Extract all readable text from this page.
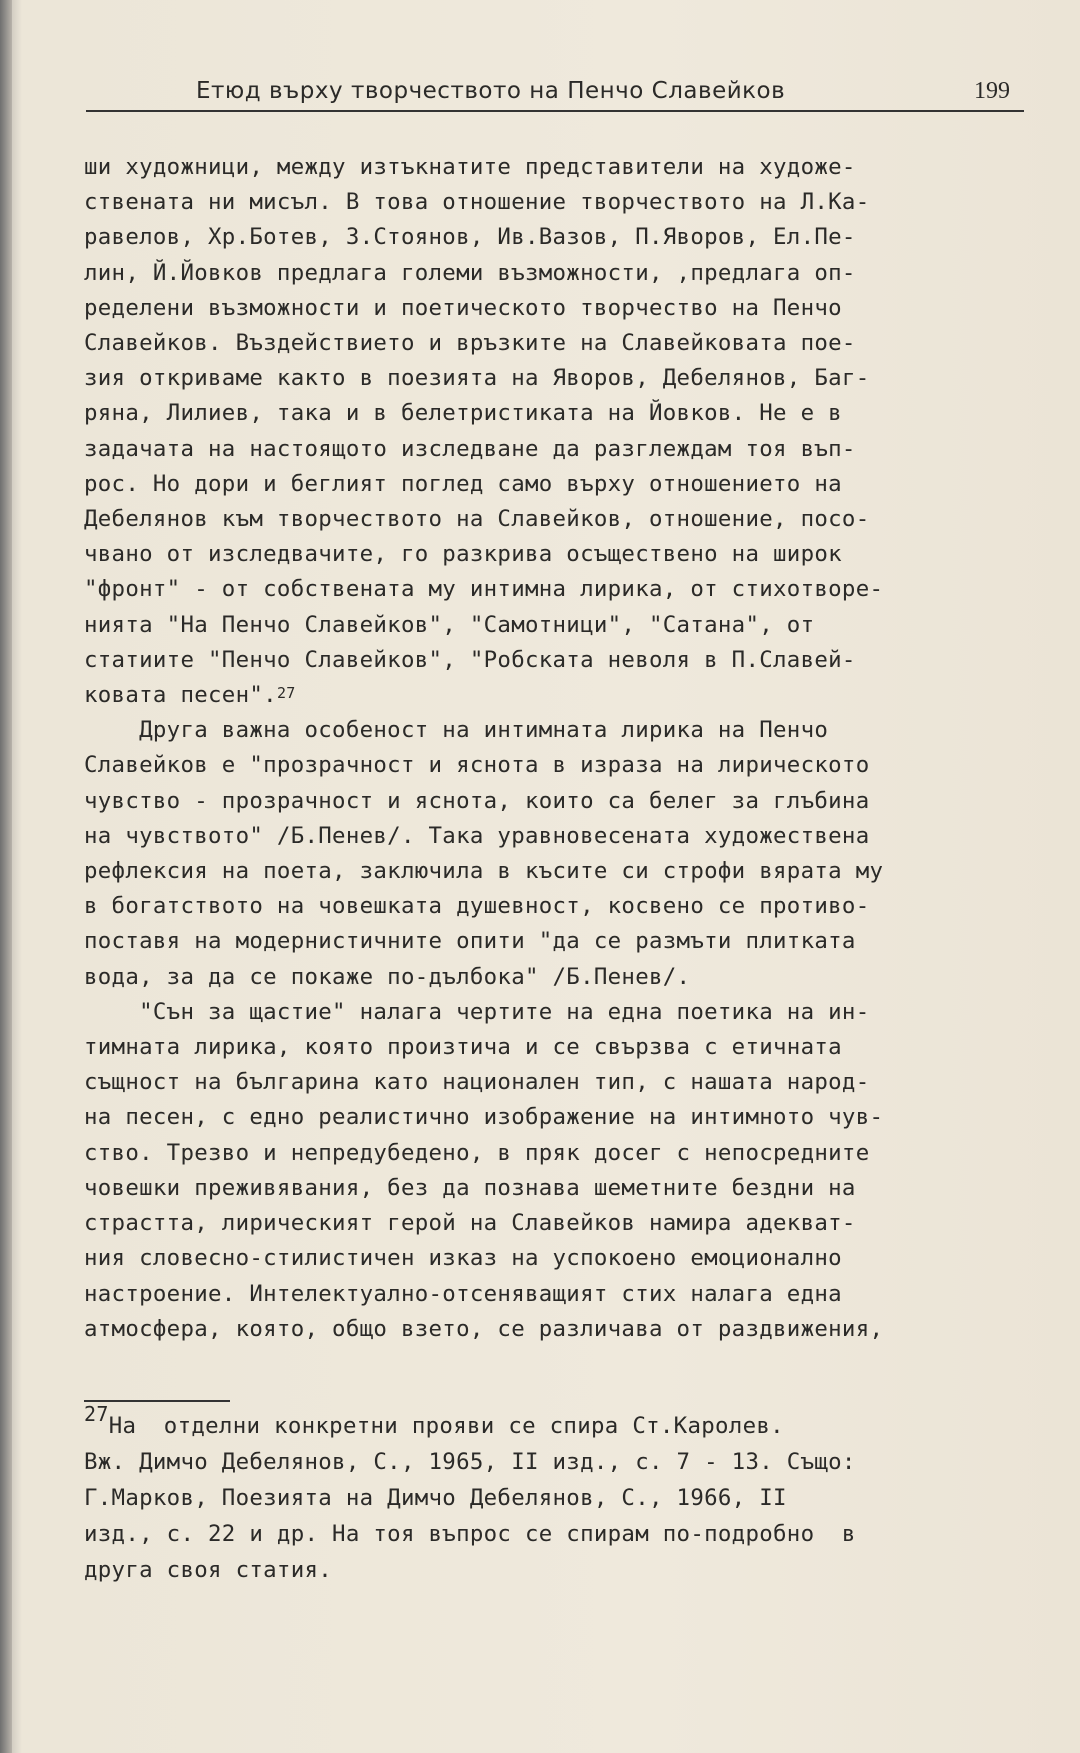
Етюд върху творчеството на Пенчо Славейков	199
ши художници, между изтъкнатите представители на художе-
ствената ни мисъл. В това отношение творчеството на Л.Ка-
равелов, Хр.Ботев, З.Стоянов, Ив.Вазов, П.Яворов, Ел.Пе-
лин, Й.Йовков предлага големи възможности, ,предлага оп-
ределени възможности и поетическото творчество на Пенчо
Славейков. Въздействието и връзките на Славейковата поe-
зия откриваме както в поезията на Яворов, Дебелянов, Баг-
ряна, Лилиев, така и в белетристиката на Йовков. Не е в
задачата на настоящото изследване да разглеждам тоя въп-
рос. Но дори и беглият поглед само върху отношението на
Дебелянов към творчеството на Славейков, отношение, посо-
чвано от изследвачите, го разкрива осъществено на широк
"фронт" - от собствената му интимна лирика, от стихотворе-
нията "На Пенчо Славейков", "Самотници", "Сатана", от
статиите "Пенчо Славейков", "Робската неволя в П.Славей-
ковата песен".$^{27}$
Друга важна особеност на интимната лирика на Пенчо
Славейков е "прозрачност и яснота в израза на лирическото
чувство - прозрачност и яснота, които са белег за глъбина
на чувството" /Б.Пенев/. Така уравновесената художествена
рефлексия на поета, заключила в късите си строфи вярата му
в богатството на човешката душевност, косвено се противо-
поставя на модернистичните опити "да се размъти плитката
вода, за да се покаже по-дълбока" /Б.Пенев/.
"Сън за щастие" налага чертите на една поетика на ин-
тимната лирика, която произтича и се свързва с етичната
същност на българина като национален тип, с нашата народ-
на песен, с едно реалистично изображение на интимното чув-
ство. Трезво и непредубедено, в пряк досег с непосредните
човешки преживявания, без да познава шеметните бездни на
страстта, лирическият герой на Славейков намира адекват-
ния словесно-стилистичен изказ на успокоено емоционално
настроение. Интелектуално-отсеняващият стих налага една
атмосфера, която, общо взето, се различава от раздвижения,
27На  отделни конкретни прояви се спира Ст.Каролев.
Вж. Димчо Дебелянов, С., 1965, II изд., с. 7 - 13. Също:
Г.Марков, Поезията на Димчо Дебелянов, С., 1966, II
изд., с. 22 и др. На тоя въпрос се спирам по-подробно  в
друга своя статия.
